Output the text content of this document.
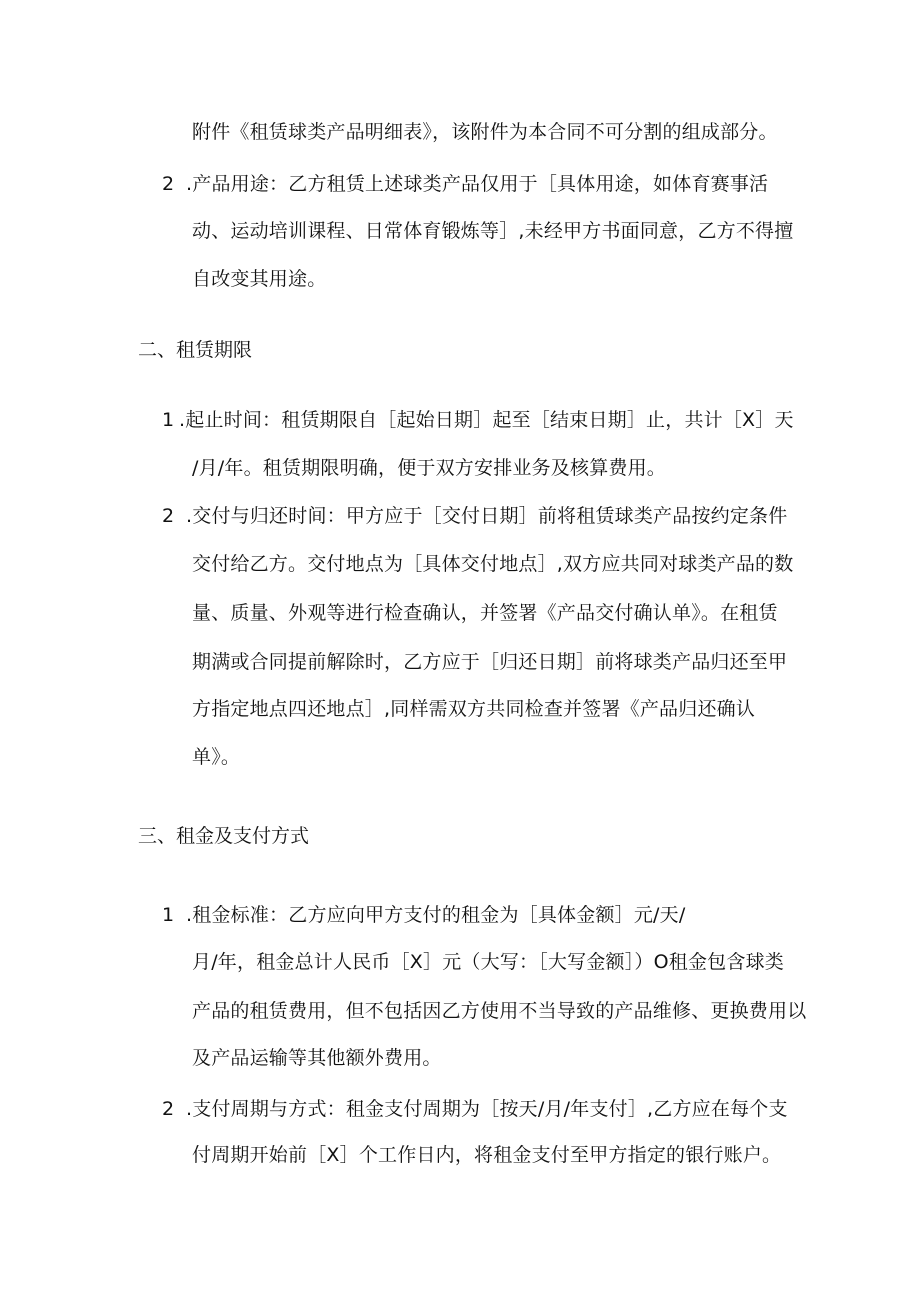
附件《租赁球类产品明细表》，该附件为本合同不可分割的组成部分。
2 .产品用途：乙方租赁上述球类产品仅用于［具体用途，如体育赛事活
动、运动培训课程、日常体育锻炼等］,未经甲方书面同意，乙方不得擅
自改变其用途。
二、租赁期限
1 .起止时间：租赁期限自［起始日期］起至［结束日期］止，共计［X］天
/月/年。租赁期限明确，便于双方安排业务及核算费用。
2 .交付与归还时间：甲方应于［交付日期］前将租赁球类产品按约定条件
交付给乙方。交付地点为［具体交付地点］,双方应共同对球类产品的数
量、质量、外观等进行检查确认，并签署《产品交付确认单》。在租赁
期满或合同提前解除时，乙方应于［归还日期］前将球类产品归还至甲
方指定地点四还地点］,同样需双方共同检查并签署《产品归还确认
单》。
三、租金及支付方式
1 .租金标准：乙方应向甲方支付的租金为［具体金额］元/天/
月/年，租金总计人民币［X］元（大写：［大写金额］）O租金包含球类
产品的租赁费用，但不包括因乙方使用不当导致的产品维修、更换费用以
及产品运输等其他额外费用。
2 .支付周期与方式：租金支付周期为［按天/月/年支付］,乙方应在每个支
付周期开始前［X］个工作日内，将租金支付至甲方指定的银行账户。
